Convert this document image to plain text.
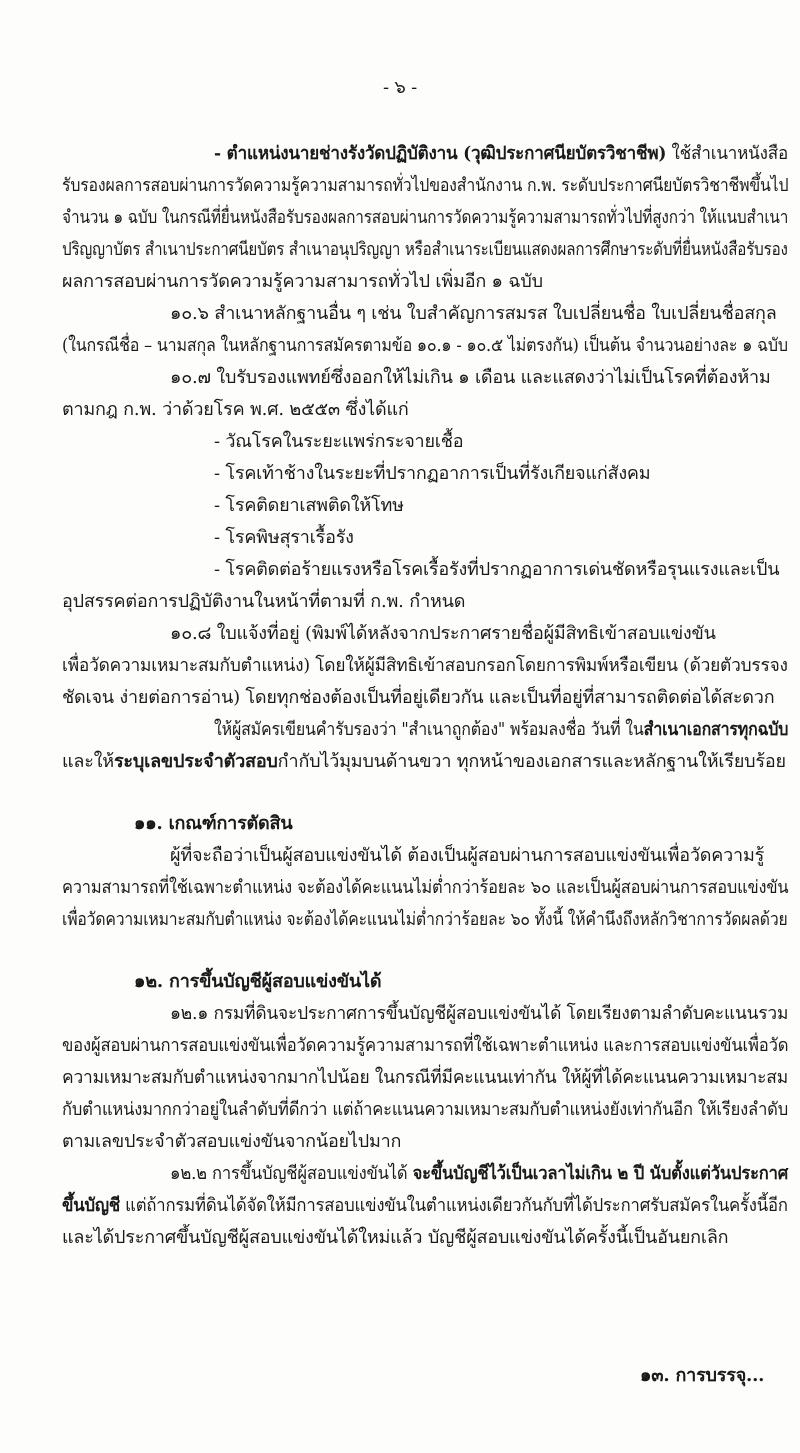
- ๖ -
- ตำแหน่งนายช่างรังวัดปฏิบัติงาน (วุฒิประกาศนียบัตรวิชาชีพ) ใช้สำเนาหนังสือ
รับรองผลการสอบผ่านการวัดความรู้ความสามารถทั่วไปของสำนักงาน ก.พ. ระดับประกาศนียบัตรวิชาชีพขึ้นไป
จำนวน ๑ ฉบับ ในกรณีที่ยื่นหนังสือรับรองผลการสอบผ่านการวัดความรู้ความสามารถทั่วไปที่สูงกว่า ให้แนบสำเนา
ปริญญาบัตร สำเนาประกาศนียบัตร สำเนาอนุปริญญา หรือสำเนาระเบียนแสดงผลการศึกษาระดับที่ยื่นหนังสือรับรอง
ผลการสอบผ่านการวัดความรู้ความสามารถทั่วไป เพิ่มอีก ๑ ฉบับ
๑๐.๖ สำเนาหลักฐานอื่น ๆ เช่น ใบสำคัญการสมรส ใบเปลี่ยนชื่อ ใบเปลี่ยนชื่อสกุล
(ในกรณีชื่อ – นามสกุล ในหลักฐานการสมัครตามข้อ ๑๐.๑ - ๑๐.๕ ไม่ตรงกัน) เป็นต้น จำนวนอย่างละ ๑ ฉบับ
๑๐.๗ ใบรับรองแพทย์ซึ่งออกให้ไม่เกิน ๑ เดือน และแสดงว่าไม่เป็นโรคที่ต้องห้าม
ตามกฎ ก.พ. ว่าด้วยโรค พ.ศ. ๒๕๕๓ ซึ่งได้แก่
- วัณโรคในระยะแพร่กระจายเชื้อ
- โรคเท้าช้างในระยะที่ปรากฏอาการเป็นที่รังเกียจแก่สังคม
- โรคติดยาเสพติดให้โทษ
- โรคพิษสุราเรื้อรัง
- โรคติดต่อร้ายแรงหรือโรคเรื้อรังที่ปรากฏอาการเด่นชัดหรือรุนแรงและเป็น
อุปสรรคต่อการปฏิบัติงานในหน้าที่ตามที่ ก.พ. กำหนด
๑๐.๘ ใบแจ้งที่อยู่ (พิมพ์ได้หลังจากประกาศรายชื่อผู้มีสิทธิเข้าสอบแข่งขัน
เพื่อวัดความเหมาะสมกับตำแหน่ง) โดยให้ผู้มีสิทธิเข้าสอบกรอกโดยการพิมพ์หรือเขียน (ด้วยตัวบรรจง
ชัดเจน ง่ายต่อการอ่าน) โดยทุกช่องต้องเป็นที่อยู่เดียวกัน และเป็นที่อยู่ที่สามารถติดต่อได้สะดวก
ให้ผู้สมัครเขียนคำรับรองว่า "สำเนาถูกต้อง" พร้อมลงชื่อ วันที่ ในสำเนาเอกสารทุกฉบับ
และให้ระบุเลขประจำตัวสอบกำกับไว้มุมบนด้านขวา ทุกหน้าของเอกสารและหลักฐานให้เรียบร้อย
๑๑. เกณฑ์การตัดสิน
ผู้ที่จะถือว่าเป็นผู้สอบแข่งขันได้ ต้องเป็นผู้สอบผ่านการสอบแข่งขันเพื่อวัดความรู้
ความสามารถที่ใช้เฉพาะตำแหน่ง จะต้องได้คะแนนไม่ต่ำกว่าร้อยละ ๖๐ และเป็นผู้สอบผ่านการสอบแข่งขัน
เพื่อวัดความเหมาะสมกับตำแหน่ง จะต้องได้คะแนนไม่ต่ำกว่าร้อยละ ๖๐ ทั้งนี้ ให้คำนึงถึงหลักวิชาการวัดผลด้วย
๑๒. การขึ้นบัญชีผู้สอบแข่งขันได้
๑๒.๑ กรมที่ดินจะประกาศการขึ้นบัญชีผู้สอบแข่งขันได้ โดยเรียงตามลำดับคะแนนรวม
ของผู้สอบผ่านการสอบแข่งขันเพื่อวัดความรู้ความสามารถที่ใช้เฉพาะตำแหน่ง และการสอบแข่งขันเพื่อวัด
ความเหมาะสมกับตำแหน่งจากมากไปน้อย ในกรณีที่มีคะแนนเท่ากัน ให้ผู้ที่ได้คะแนนความเหมาะสม
กับตำแหน่งมากกว่าอยู่ในลำดับที่ดีกว่า แต่ถ้าคะแนนความเหมาะสมกับตำแหน่งยังเท่ากันอีก ให้เรียงลำดับ
ตามเลขประจำตัวสอบแข่งขันจากน้อยไปมาก
๑๒.๒ การขึ้นบัญชีผู้สอบแข่งขันได้ จะขึ้นบัญชีไว้เป็นเวลาไม่เกิน ๒ ปี นับตั้งแต่วันประกาศ
ขึ้นบัญชี แต่ถ้ากรมที่ดินได้จัดให้มีการสอบแข่งขันในตำแหน่งเดียวกันกับที่ได้ประกาศรับสมัครในครั้งนี้อีก
และได้ประกาศขึ้นบัญชีผู้สอบแข่งขันได้ใหม่แล้ว บัญชีผู้สอบแข่งขันได้ครั้งนี้เป็นอันยกเลิก
๑๓. การบรรจุ...
